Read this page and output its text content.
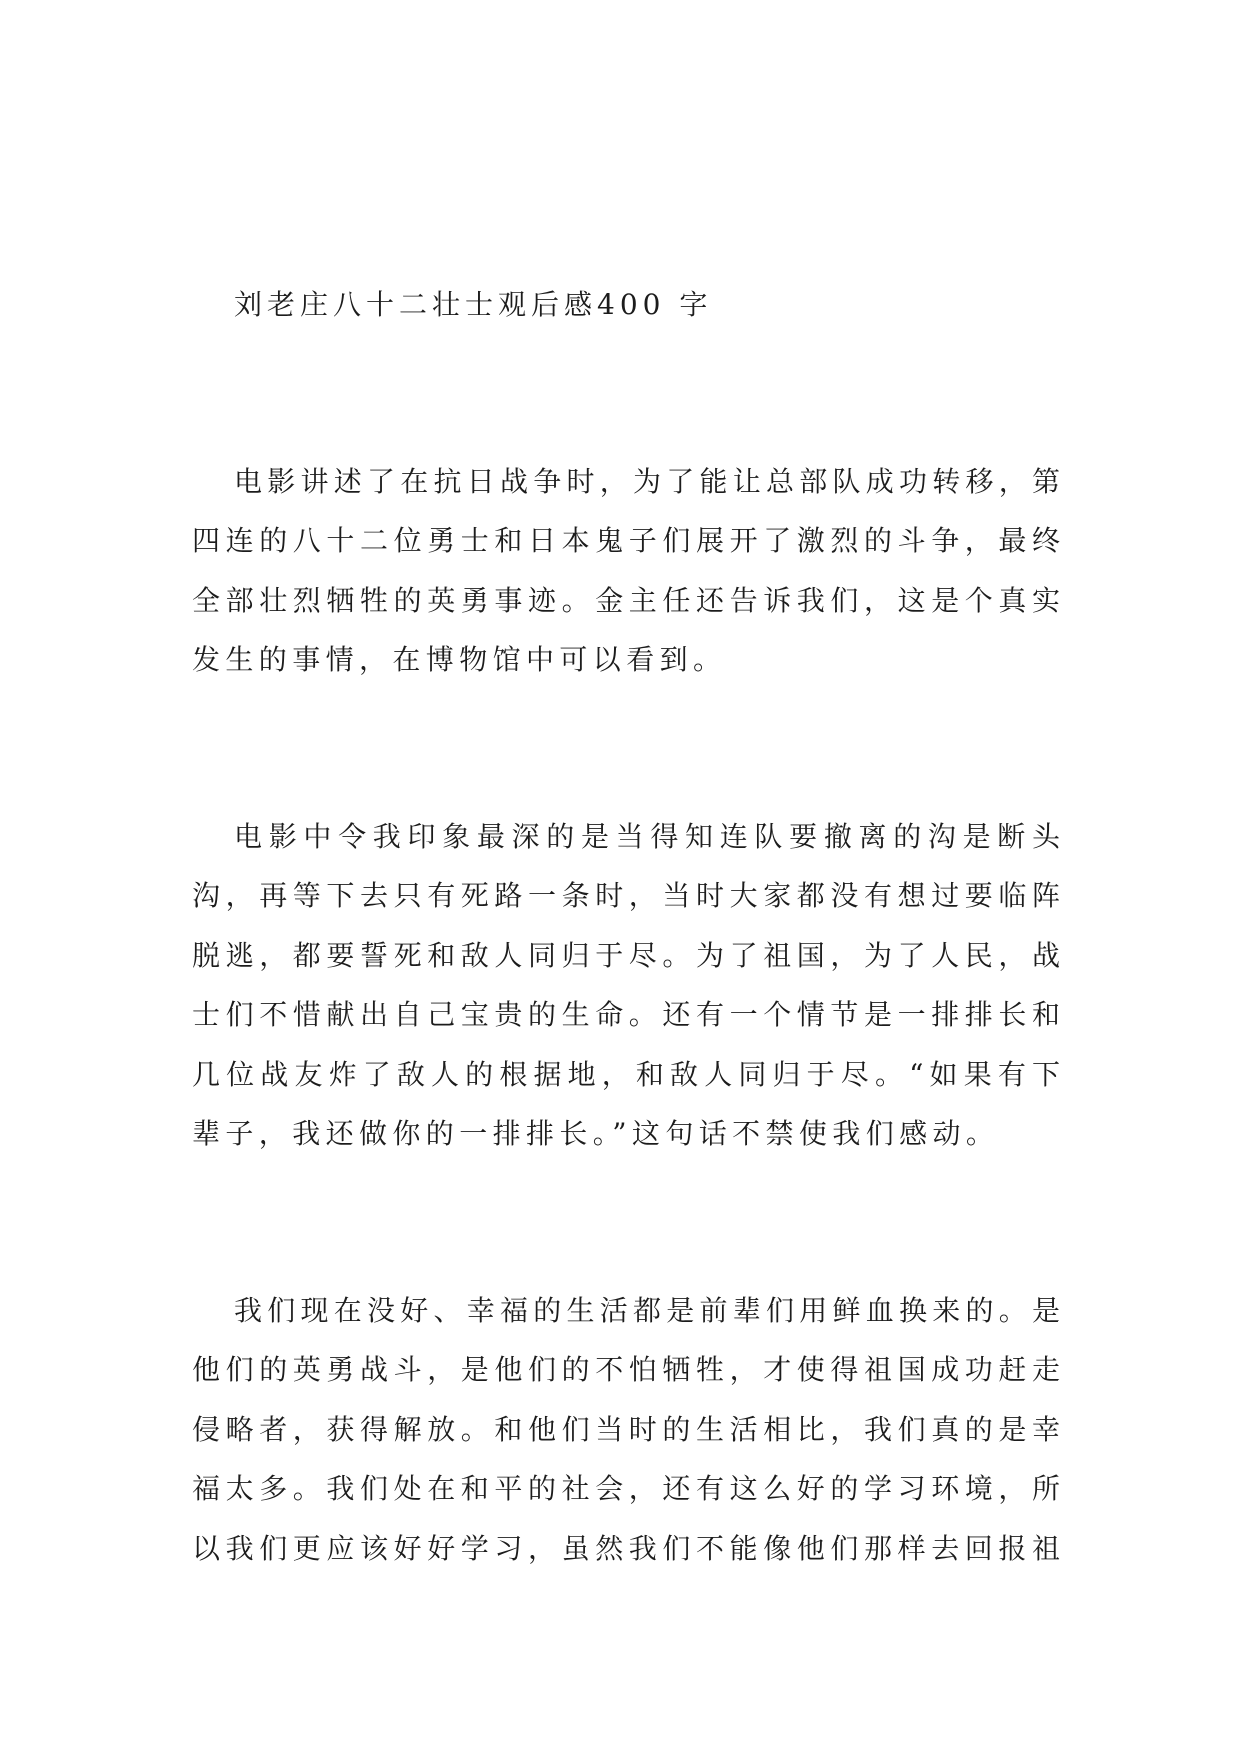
刘老庄八十二壮士观后感400 字
电影讲述了在抗日战争时，为了能让总部队成功转移，第
四连的八十二位勇士和日本鬼子们展开了激烈的斗争，最终
全部壮烈牺牲的英勇事迹。金主任还告诉我们，这是个真实
发生的事情，在博物馆中可以看到。
电影中令我印象最深的是当得知连队要撤离的沟是断头
沟，再等下去只有死路一条时，当时大家都没有想过要临阵
脱逃，都要誓死和敌人同归于尽。为了祖国，为了人民，战
士们不惜献出自己宝贵的生命。还有一个情节是一排排长和
几位战友炸了敌人的根据地，和敌人同归于尽。“如果有下
辈子，我还做你的一排排长。”这句话不禁使我们感动。
我们现在没好、幸福的生活都是前辈们用鲜血换来的。是
他们的英勇战斗，是他们的不怕牺牲，才使得祖国成功赶走
侵略者，获得解放。和他们当时的生活相比，我们真的是幸
福太多。我们处在和平的社会，还有这么好的学习环境，所
以我们更应该好好学习，虽然我们不能像他们那样去回报祖
